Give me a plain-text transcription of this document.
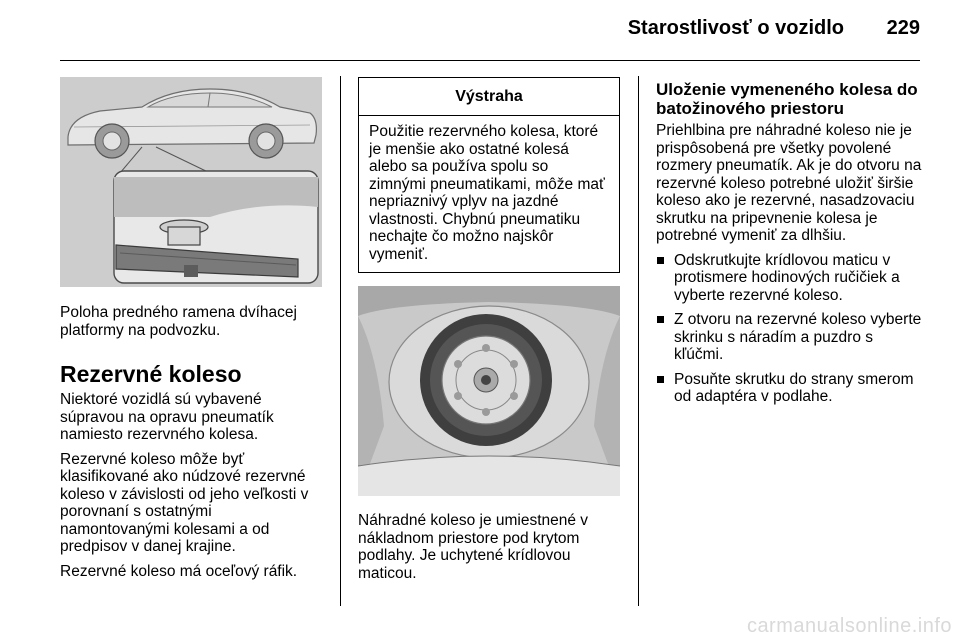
Starostlivosť o vozidlo 229

Poloha predného ramena dvíhacej platformy na podvozku.

Rezervné koleso

Niektoré vozidlá sú vybavené súpravou na opravu pneumatík namiesto rezervného kolesa.

Rezervné koleso môže byť klasifikované ako núdzové rezervné koleso v závislosti od jeho veľkosti v porovnaní s ostatnými namontovanými kolesami a od predpisov v danej krajine.

Rezervné koleso má oceľový ráfik.

Výstraha
Použitie rezervného kolesa, ktoré je menšie ako ostatné kolesá alebo sa používa spolu so zimnými pneumatikami, môže mať nepriaznivý vplyv na jazdné vlastnosti. Chybnú pneumatiku nechajte čo možno najskôr vymeniť.

Náhradné koleso je umiestnené v nákladnom priestore pod krytom podlahy. Je uchytené krídlovou maticou.

Uloženie vymeneného kolesa do batožinového priestoru

Priehlbina pre náhradné koleso nie je prispôsobená pre všetky povolené rozmery pneumatík. Ak je do otvoru na rezervné koleso potrebné uložiť širšie koleso ako je rezervné, nasadzovaciu skrutku na pripevnenie kolesa je potrebné vymeniť za dlhšiu.

Odskrutkujte krídlovou maticu v protismere hodinových ručičiek a vyberte rezervné koleso.
Z otvoru na rezervné koleso vyberte skrinku s náradím a puzdro s kľúčmi.
Posuňte skrutku do strany smerom od adaptéra v podlahe.
carmanualsonline.info
